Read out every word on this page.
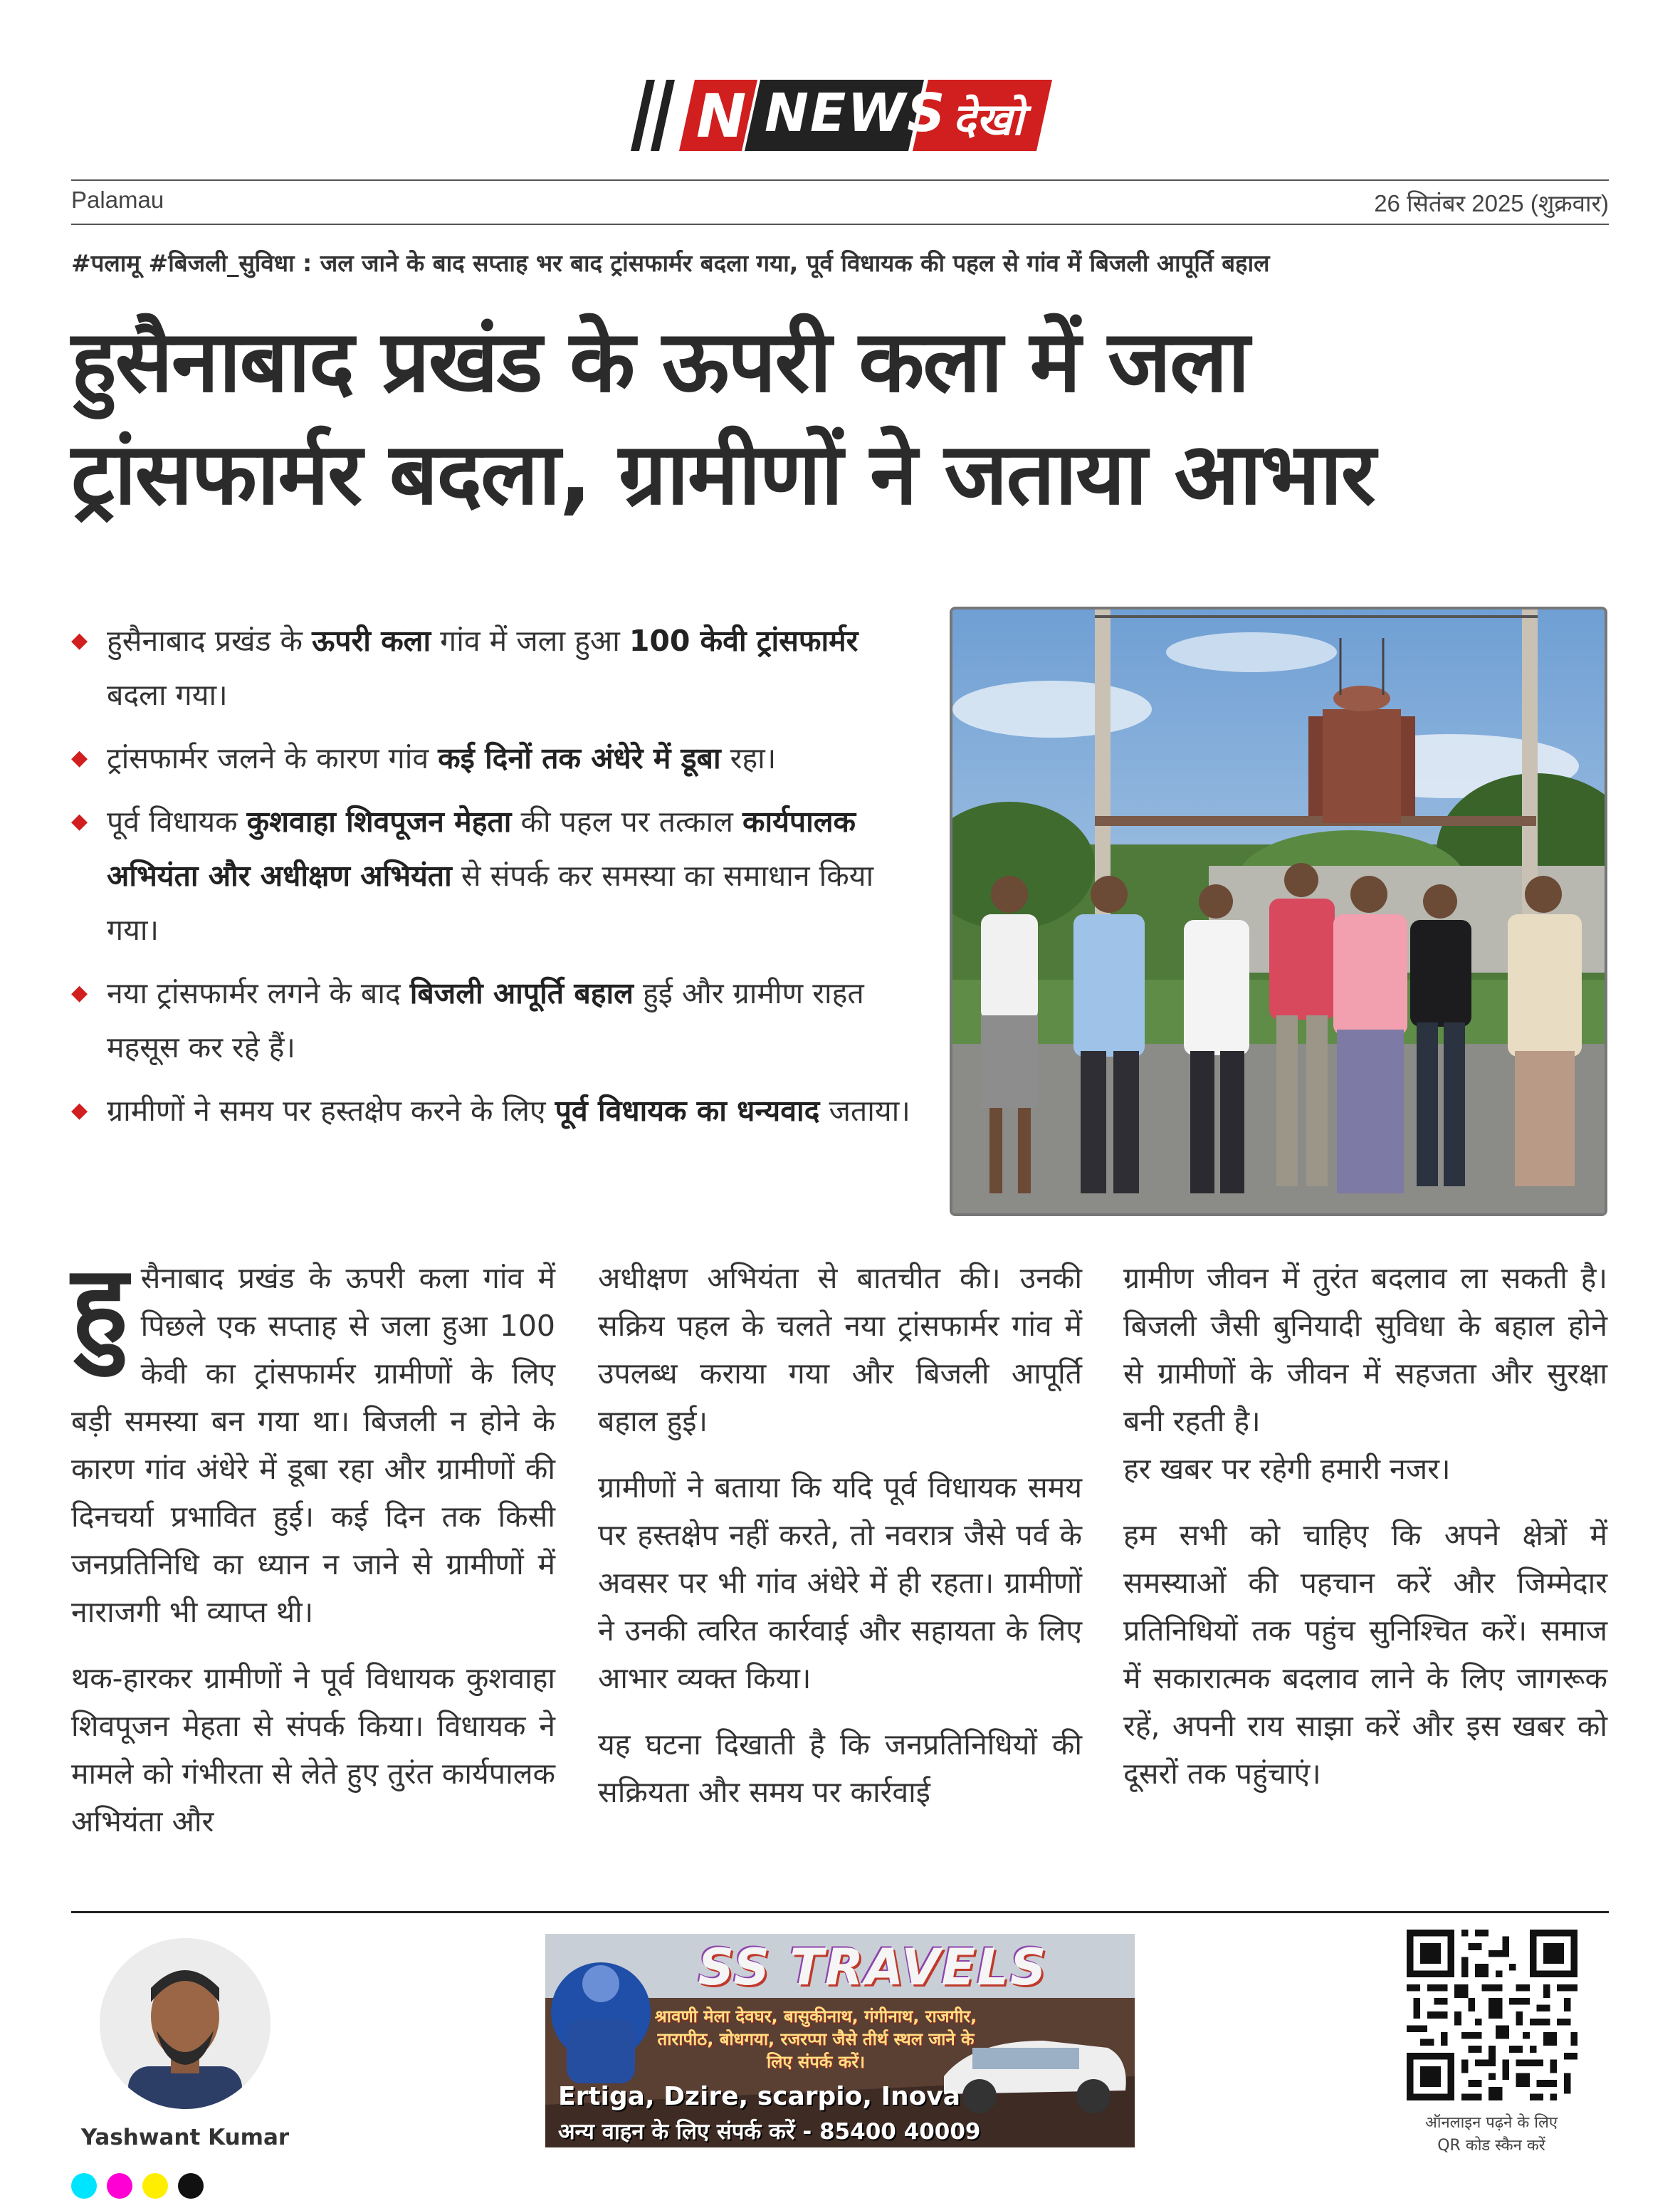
N NEWS देखो
Palamau	26 सितंबर 2025 (शुक्रवार)
#पलामू #बिजली_सुविधा : जल जाने के बाद सप्ताह भर बाद ट्रांसफार्मर बदला गया, पूर्व विधायक की पहल से गांव में बिजली आपूर्ति बहाल
हुसैनाबाद प्रखंड के ऊपरी कला में जला
ट्रांसफार्मर बदला, ग्रामीणों ने जताया आभार
◆ हुसैनाबाद प्रखंड के ऊपरी कला गांव में जला हुआ 100 केवी ट्रांसफार्मर बदला गया।
◆ ट्रांसफार्मर जलने के कारण गांव कई दिनों तक अंधेरे में डूबा रहा।
◆ पूर्व विधायक कुशवाहा शिवपूजन मेहता की पहल पर तत्काल कार्यपालक अभियंता और अधीक्षण अभियंता से संपर्क कर समस्या का समाधान किया गया।
◆ नया ट्रांसफार्मर लगने के बाद बिजली आपूर्ति बहाल हुई और ग्रामीण राहत महसूस कर रहे हैं।
◆ ग्रामीणों ने समय पर हस्तक्षेप करने के लिए पूर्व विधायक का धन्यवाद जताया।

हुसैनाबाद प्रखंड के ऊपरी कला गांव में पिछले एक सप्ताह से जला हुआ 100 केवी का ट्रांसफार्मर ग्रामीणों के लिए बड़ी समस्या बन गया था। बिजली न होने के कारण गांव अंधेरे में डूबा रहा और ग्रामीणों की दिनचर्या प्रभावित हुई। कई दिन तक किसी जनप्रतिनिधि का ध्यान न जाने से ग्रामीणों में नाराजगी भी व्याप्त थी।

थक-हारकर ग्रामीणों ने पूर्व विधायक कुशवाहा शिवपूजन मेहता से संपर्क किया। विधायक ने मामले को गंभीरता से लेते हुए तुरंत कार्यपालक अभियंता और

अधीक्षण अभियंता से बातचीत की। उनकी सक्रिय पहल के चलते नया ट्रांसफार्मर गांव में उपलब्ध कराया गया और बिजली आपूर्ति बहाल हुई।

ग्रामीणों ने बताया कि यदि पूर्व विधायक समय पर हस्तक्षेप नहीं करते, तो नवरात्र जैसे पर्व के अवसर पर भी गांव अंधेरे में ही रहता। ग्रामीणों ने उनकी त्वरित कार्रवाई और सहायता के लिए आभार व्यक्त किया।

यह घटना दिखाती है कि जनप्रतिनिधियों की सक्रियता और समय पर कार्रवाई

ग्रामीण जीवन में तुरंत बदलाव ला सकती है। बिजली जैसी बुनियादी सुविधा के बहाल होने से ग्रामीणों के जीवन में सहजता और सुरक्षा बनी रहती है।
हर खबर पर रहेगी हमारी नजर।

हम सभी को चाहिए कि अपने क्षेत्रों में समस्याओं की पहचान करें और जिम्मेदार प्रतिनिधियों तक पहुंच सुनिश्चित करें। समाज में सकारात्मक बदलाव लाने के लिए जागरूक रहें, अपनी राय साझा करें और इस खबर को दूसरों तक पहुंचाएं।

Yashwant Kumar
SS TRAVELS
श्रावणी मेला देवघर, बासुकीनाथ, गंगीनाथ, राजगीर, तारापीठ, बोधगया, रजरप्पा जैसे तीर्थ स्थल जाने के लिए संपर्क करें।
Ertiga, Dzire, scarpio, Inova
अन्य वाहन के लिए संपर्क करें - 85400 40009	ऑनलाइन पढ़ने के लिए
QR कोड स्कैन करें
